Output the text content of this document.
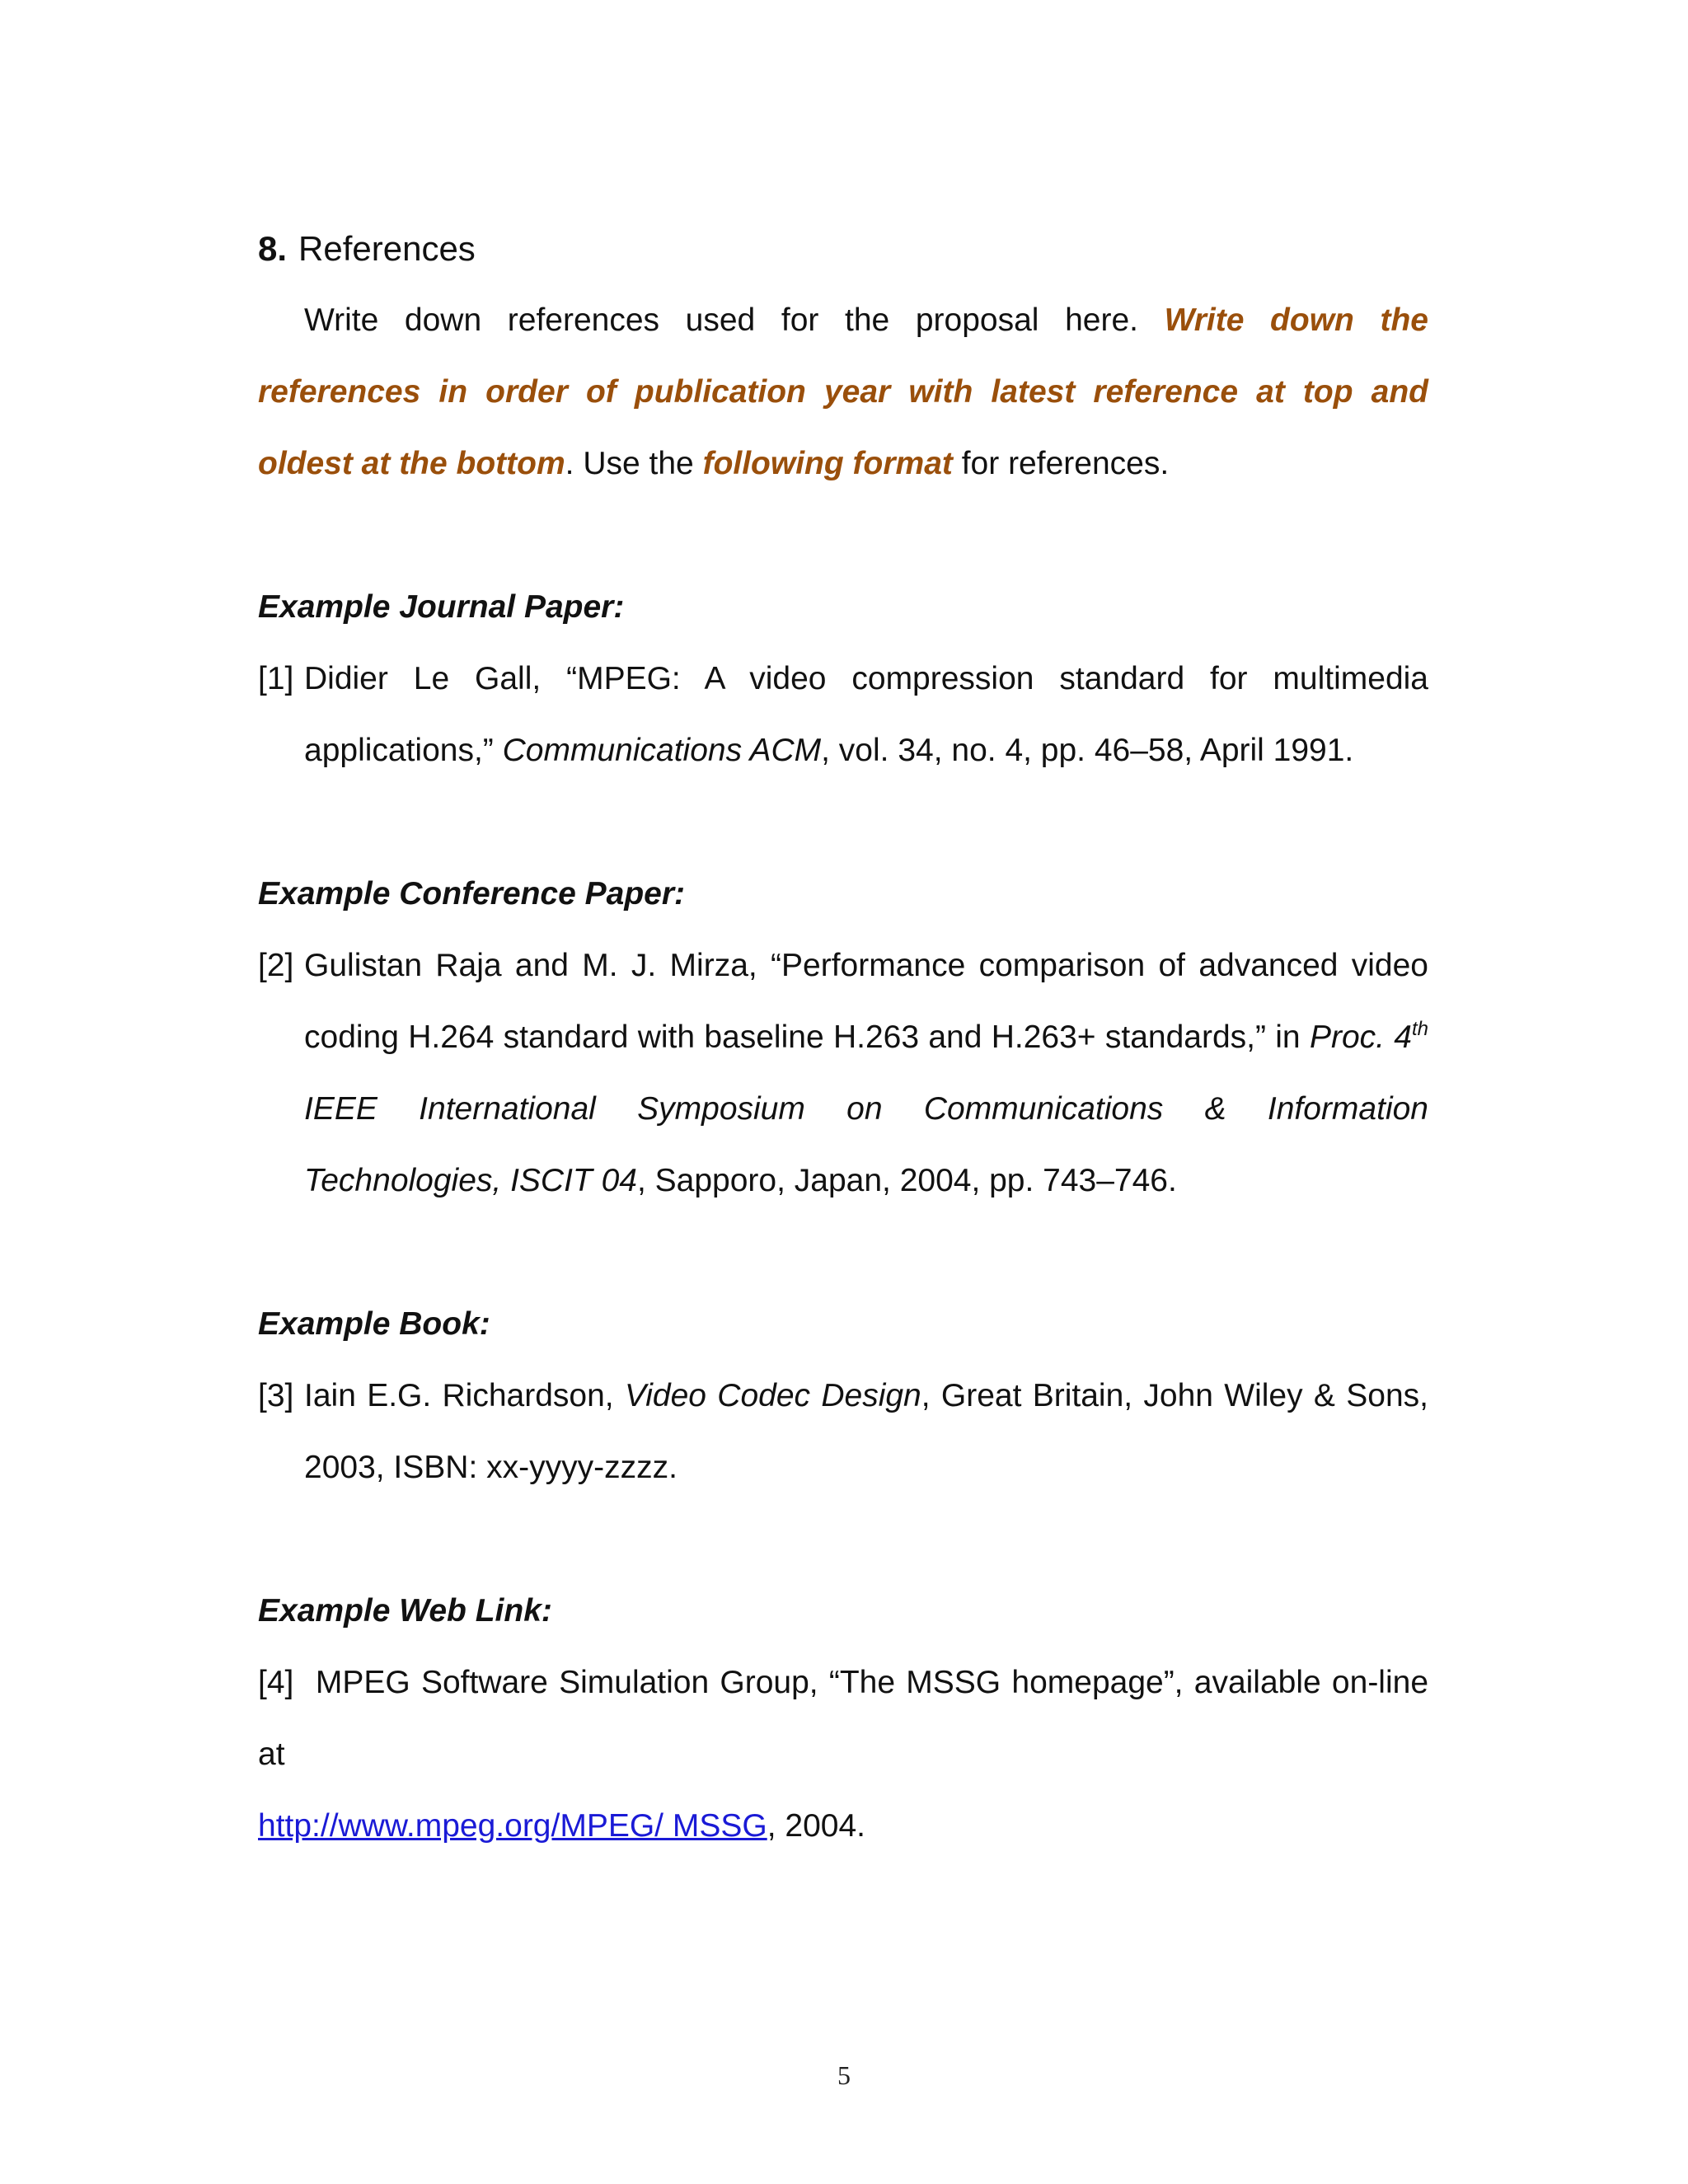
8. References

Write down references used for the proposal here. Write down the references in order of publication year with latest reference at top and oldest at the bottom. Use the following format for references.

Example Journal Paper:

[1] Didier Le Gall, “MPEG: A video compression standard for multimedia applications,” Communications ACM, vol. 34, no. 4, pp. 46–58, April 1991.

Example Conference Paper:

[2] Gulistan Raja and M. J. Mirza, “Performance comparison of advanced video coding H.264 standard with baseline H.263 and H.263+ standards,” in Proc. 4th IEEE International Symposium on Communications & Information Technologies, ISCIT 04, Sapporo, Japan, 2004, pp. 743–746.

Example Book:

[3] Iain E.G. Richardson, Video Codec Design, Great Britain, John Wiley & Sons, 2003, ISBN: xx-yyyy-zzzz.

Example Web Link:

[4] MPEG Software Simulation Group, “The MSSG homepage”, available on-line at
http://www.mpeg.org/MPEG/ MSSG, 2004.
5
